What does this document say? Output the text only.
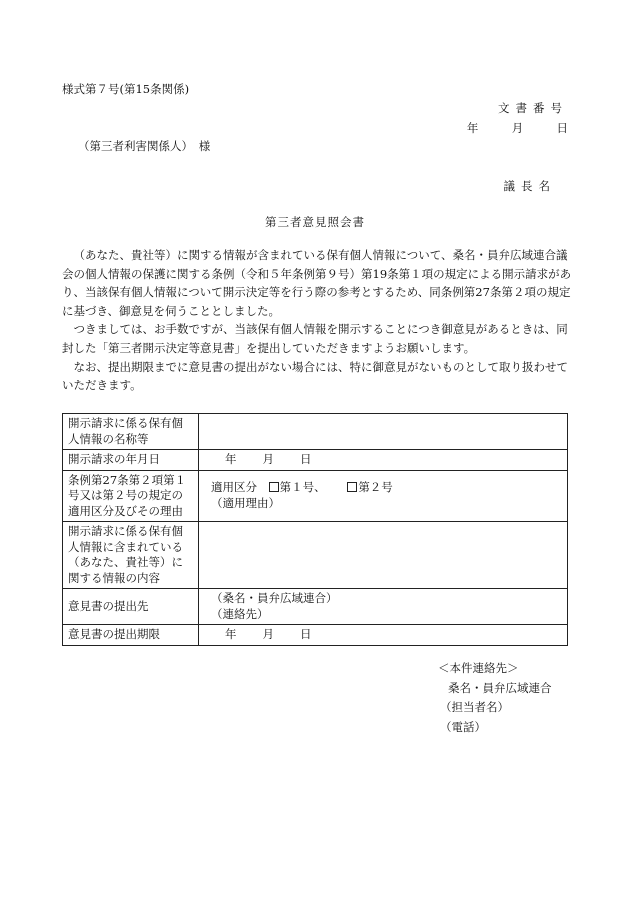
様式第７号(第15条関係)
文書番号
年	月	日
（第三者利害関係人）　様
議長名
第三者意見照会書

（あなた、貴社等）に関する情報が含まれている保有個人情報について、桑名・員弁広域連合議会の個人情報の保護に関する条例（令和５年条例第９号）第19条第１項の規定による開示請求があり、当該保有個人情報について開示決定等を行う際の参考とするため、同条例第27条第２項の規定に基づき、御意見を伺うこととしました。

つきましては、お手数ですが、当該保有個人情報を開示することにつき御意見があるときは、同封した「第三者開示決定等意見書」を提出していただきますようお願いします。

なお、提出期限までに意見書の提出がない場合には、特に御意見がないものとして取り扱わせていただきます。

開示請求に係る保有個人情報の名称等	
開示請求の年月日	年 月 日
条例第27条第２項第１号又は第２号の規定の適用区分及びその理由	適用区分 第１号、 第２号
（適用理由）

開示請求に係る保有個人情報に含まれている（あなた、貴社等）に関する情報の内容	
意見書の提出先	（桑名・員弁広域連合）
（連絡先）

意見書の提出期限	年 月 日
＜本件連絡先＞
桑名・員弁広域連合
（担当者名）
（電話）
